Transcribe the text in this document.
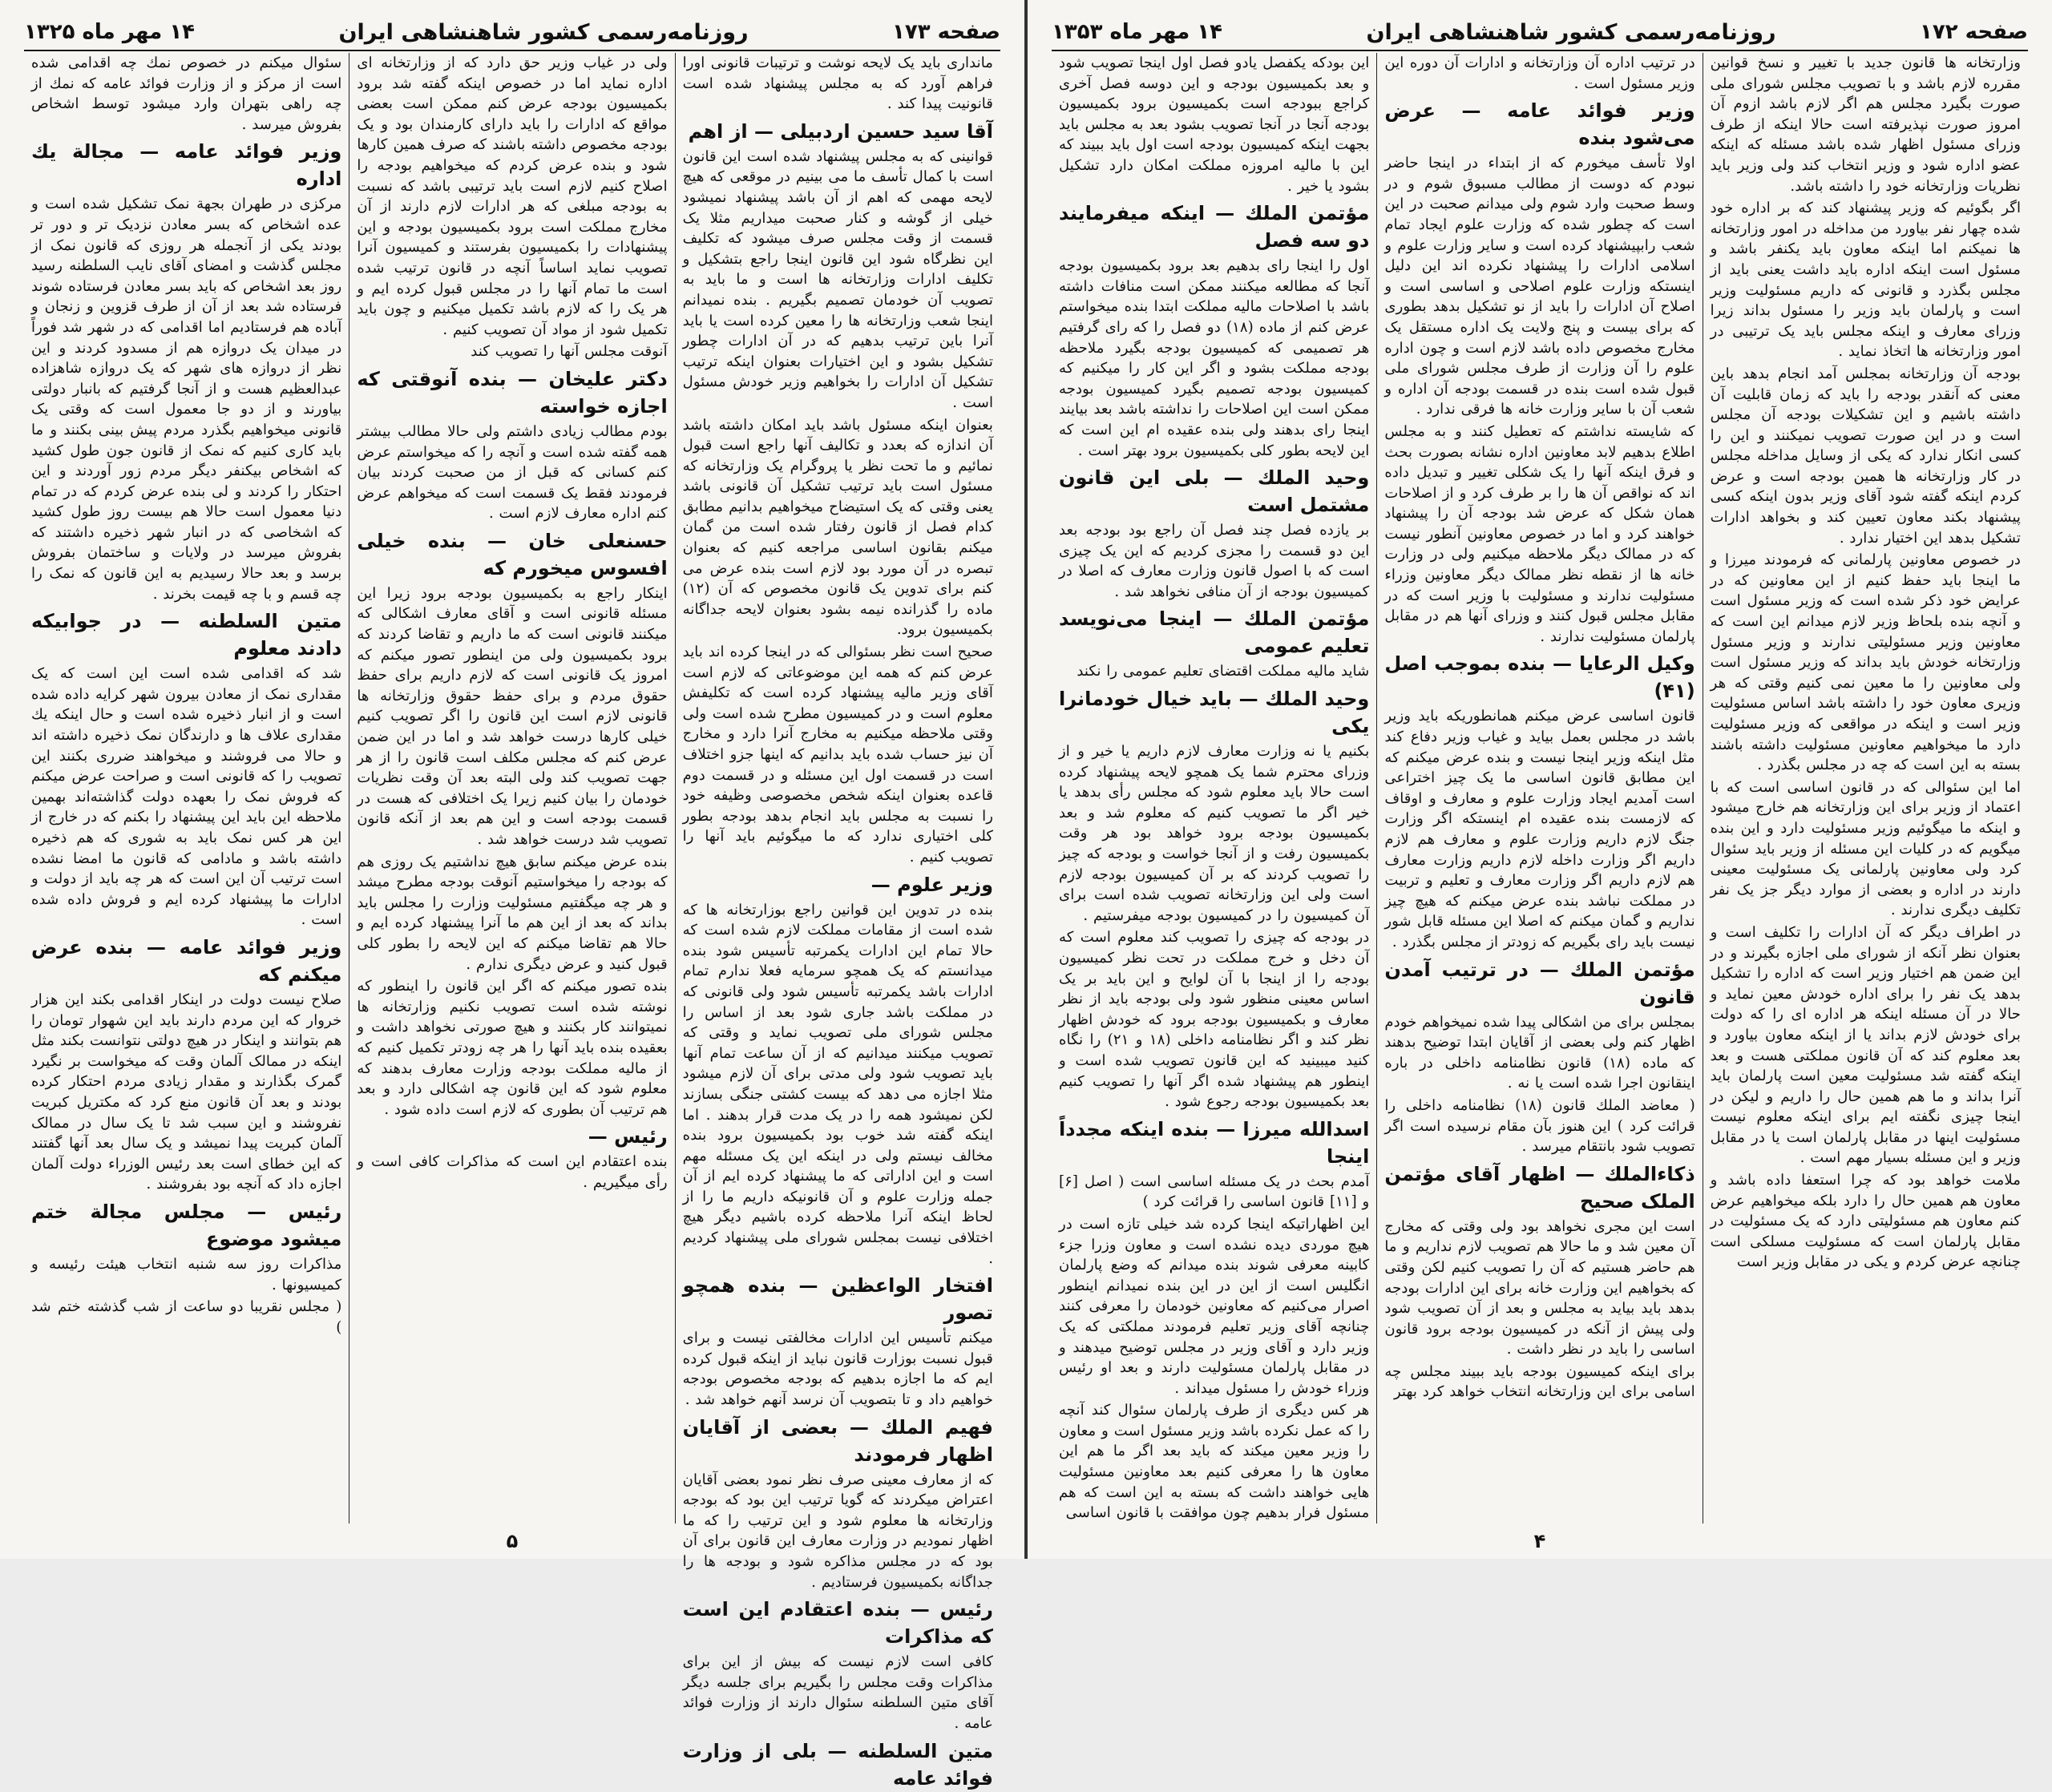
صفحه ۱۷۳
روزنامه‌رسمی کشور شاهنشاهی ایران
۱۴ مهر ماه ۱۳۲۵
مانداری باید یک لایحه نوشت و ترتیبات قانونی اورا فراهم آورد که به مجلس پیشنهاد شده است قانونیت پیدا کند .
آقا سید حسین اردبیلی — از اهم
قوانینی که به مجلس پیشنهاد شده است این قانون است با کمال تأسف ما می بینیم در موقعی که هیچ لایحه مهمی که اهم از آن باشد پیشنهاد نمیشود خیلی از گوشه و کنار صحبت میداریم مثلا یک قسمت از وقت مجلس صرف میشود که تکلیف این نظرگاه شود این قانون اینجا راجع بتشکیل و تکلیف ادارات وزارتخانه ها است و ما باید به تصویب آن خودمان تصمیم بگیریم . بنده نمیدانم اینجا شعب وزارتخانه ها را معین کرده است یا باید آنرا باین ترتیب بدهیم که در آن ادارات چطور تشکیل بشود و این اختیارات بعنوان اینکه ترتیب تشکیل آن ادارات را بخواهیم وزیر خودش مسئول است .
بعنوان اینکه مسئول باشد باید امکان داشته باشد آن اندازه که بعدد و تکالیف آنها راجع است قبول نمائیم و ما تحت نظر یا پروگرام یک وزارتخانه که مسئول است باید ترتیب تشکیل آن قانونی باشد یعنی وقتی که یک استیضاح میخواهیم بدانیم مطابق کدام فصل از قانون رفتار شده است من گمان میکنم بقانون اساسی مراجعه کنیم که بعنوان تبصره در آن مورد بود لازم است بنده عرض می کنم برای تدوین یک قانون مخصوص که آن (۱۲) ماده را گذرانده نیمه بشود بعنوان لایحه جداگانه بکمیسیون برود.
صحیح است نظر بسئوالی که در اینجا کرده اند باید عرض کنم که همه این موضوعاتی که لازم است آقای وزیر مالیه پیشنهاد کرده است که تکلیفش معلوم است و در کمیسیون مطرح شده است ولی وقتی ملاحظه میکنیم به مخارج آنرا دارد و مخارج آن نیز حساب شده باید بدانیم که اینها جزو اختلاف است در قسمت اول این مسئله و در قسمت دوم قاعده بعنوان اینکه شخص مخصوصی وظیفه خود را نسبت به مجلس باید انجام بدهد بودجه بطور کلی اختیاری ندارد که ما میگوئیم باید آنها را تصویب کنیم .
وزیر علوم —
بنده در تدوین این قوانین راجع بوزارتخانه ها که شده است از مقامات مملکت لازم شده است که حالا تمام این ادارات یکمرتبه تأسیس شود بنده میدانستم که یک همچو سرمایه فعلا ندارم تمام ادارات باشد یکمرتبه تأسیس شود ولی قانونی که در مملکت باشد جاری شود بعد از اساس را مجلس شورای ملی تصویب نماید و وقتی که تصویب میکنند میدانیم که از آن ساعت تمام آنها باید تصویب شود ولی مدتی برای آن لازم میشود مثلا اجازه می دهد که بیست کشتی جنگی بسازند لکن نمیشود همه را در یک مدت قرار بدهند . اما اینکه گفته شد خوب بود بکمیسیون برود بنده مخالف نیستم ولی در اینکه این یک مسئله مهم است و این اداراتی که ما پیشنهاد کرده ایم از آن جمله وزارت علوم و آن قانونیکه داریم ما را از لحاظ اینکه آنرا ملاحظه کرده باشیم دیگر هیچ اختلافی نیست بمجلس شورای ملی پیشنهاد کردیم .
افتخار الواعظین — بنده همچو تصور
میکنم تأسیس این ادارات مخالفتی نیست و برای قبول نسبت بوزارت قانون نباید از اینکه قبول کرده ایم که ما اجازه بدهیم که بودجه مخصوص بودجه خواهیم داد و تا بتصویب آن نرسد آنهم خواهد شد .
فهیم الملك — بعضی از آقایان اظهار فرمودند
که از معارف معینی صرف نظر نمود بعضی آقایان اعتراض میکردند که گویا ترتیب این بود که بودجه وزارتخانه ها معلوم شود و این ترتیب را که ما اظهار نمودیم در وزارت معارف این قانون برای آن بود که در مجلس مذاکره شود و بودجه ها را جداگانه بکمیسیون فرستادیم .
رئیس — بنده اعتقادم این است که مذاکرات
کافی است لازم نیست که بیش از این برای مذاکرات وقت مجلس را بگیریم برای جلسه دیگر آقای متین السلطنه سئوال دارند از وزارت فوائد عامه .
متین السلطنه — بلی از وزارت فوائد عامه
ولی در غیاب وزیر حق دارد که از وزارتخانه ای اداره نماید اما در خصوص اینکه گفته شد برود بکمیسیون بودجه عرض کنم ممکن است بعضی مواقع که ادارات را باید دارای کارمندان بود و یک بودجه مخصوص داشته باشند که صرف همین کارها شود و بنده عرض کردم که میخواهیم بودجه را اصلاح کنیم لازم است باید ترتیبی باشد که نسبت به بودجه مبلغی که هر ادارات لازم دارند از آن مخارج مملکت است برود بکمیسیون بودجه و این پیشنهادات را بکمیسیون بفرستند و کمیسیون آنرا تصویب نماید اساساً آنچه در قانون ترتیب شده است ما تمام آنها را در مجلس قبول کرده ایم و هر یک را که لازم باشد تکمیل میکنیم و چون باید تکمیل شود از مواد آن تصویب کنیم .
آنوقت مجلس آنها را تصویب کند
دکتر علیخان — بنده آنوقتی که اجازه خواسته
بودم مطالب زیادی داشتم ولی حالا مطالب بیشتر همه گفته شده است و آنچه را که میخواستم عرض کنم کسانی که قبل از من صحبت کردند بیان فرمودند فقط یک قسمت است که میخواهم عرض کنم اداره معارف لازم است .
حسنعلی خان — بنده خیلی افسوس میخورم که
اینکار راجع به بکمیسیون بودجه برود زیرا این مسئله قانونی است و آقای معارف اشکالی که میکنند قانونی است که ما داریم و تقاضا کردند که برود بکمیسیون ولی من اینطور تصور میکنم که امروز یک قانونی است که لازم داریم برای حفظ حقوق مردم و برای حفظ حقوق وزارتخانه ها قانونی لازم است این قانون را اگر تصویب کنیم خیلی کارها درست خواهد شد و اما در این ضمن عرض کنم که مجلس مکلف است قانون را از هر جهت تصویب کند ولی البته بعد آن وقت نظریات خودمان را بیان کنیم زیرا یک اختلافی که هست در قسمت بودجه است و این هم بعد از آنکه قانون تصویب شد درست خواهد شد .
بنده عرض میکنم سابق هیچ نداشتیم یک روزی هم که بودجه را میخواستیم آنوقت بودجه مطرح میشد و هر چه میگفتیم مسئولیت وزارت را مجلس باید بداند که بعد از این هم ما آنرا پیشنهاد کرده ایم و حالا هم تقاضا میکنم که این لایحه را بطور کلی قبول کنید و عرض دیگری ندارم .
بنده تصور میکنم که اگر این قانون را اینطور که نوشته شده است تصویب نکنیم وزارتخانه ها نمیتوانند کار بکنند و هیچ صورتی نخواهد داشت و بعقیده بنده باید آنها را هر چه زودتر تکمیل کنیم که از مالیه مملکت بودجه وزارت معارف بدهند که معلوم شود که این قانون چه اشکالی دارد و بعد هم ترتیب آن بطوری که لازم است داده شود .
رئیس —
بنده اعتقادم این است که مذاکرات کافی است و رأی میگیریم .
سئوال میکنم در خصوص نمك چه اقدامی شده است از مرکز و از وزارت فوائد عامه که نمك از چه راهی بتهران وارد میشود توسط اشخاص بفروش میرسد .
وزیر فوائد عامه — مجالة یك اداره
مرکزی در طهران بجهة نمک تشکیل شده است و عده اشخاص که بسر معادن نزدیک تر و دور تر بودند یکی از آنجمله هر روزی که قانون نمک از مجلس گذشت و امضای آقای نایب السلطنه رسید روز بعد اشخاص که باید بسر معادن فرستاده شوند فرستاده شد بعد از آن از طرف قزوین و زنجان و آباده هم فرستادیم اما اقدامی که در شهر شد فوراً در میدان یک دروازه هم از مسدود کردند و این نظر از دروازه های شهر که یک دروازه شاهزاده عبدالعظیم هست و از آنجا گرفتیم که بانبار دولتی بیاورند و از دو جا معمول است که وقتی یک قانونی میخواهیم بگذرد مردم پیش بینی بکنند و ما باید کاری کنیم که نمک از قانون جون طول کشید که اشخاص بیکنفر دیگر مردم زور آوردند و این احتکار را کردند و لی بنده عرض کردم که در تمام دنیا معمول است حالا هم بیست روز طول کشید که اشخاصی که در انبار شهر ذخیره داشتند که بفروش میرسد در ولایات و ساختمان بفروش برسد و بعد حالا رسیدیم به این قانون که نمک را چه قسم و با چه قیمت بخرند .
متین السلطنه — در جوابیکه دادند معلوم
شد که اقدامی شده است این است که یک مقداری نمک از معادن بیرون شهر کرایه داده شده است و از انبار ذخیره شده است و حال اینکه یك مقداری علاف ها و دارندگان نمک ذخیره داشته اند و حالا می فروشند و میخواهند ضرری بکنند این تصویب را که قانونی است و صراحت عرض میکنم که فروش نمک را بعهده دولت گذاشته‌اند بهمین ملاحظه این باید این پیشنهاد را بکنم که در خارج از این هر کس نمک باید به شوری که هم ذخیره داشته باشد و مادامی که قانون ما امضا نشده است ترتیب آن این است که هر چه باید از دولت و ادارات ما پیشنهاد کرده ایم و فروش داده شده است .
وزیر فوائد عامه — بنده عرض میکنم که
صلاح نیست دولت در اینکار اقدامی بکند این هزار خروار که این مردم دارند باید این شهوار تومان را هم بتوانند و اینکار در هیچ دولتی نتوانست بکند مثل اینکه در ممالک آلمان وقت که میخواست بر نگیرد گمرک بگذارند و مقدار زیادی مردم احتکار کرده بودند و بعد آن قانون منع کرد که مکتریل کبریت نفروشند و این سبب شد تا یک سال در ممالک آلمان کبریت پیدا نمیشد و یک سال بعد آنها گفتند که این خطای است بعد رئیس الوزراء دولت آلمان اجازه داد که آنچه بود بفروشند .
رئیس — مجلس مجالة ختم میشود موضوع
مذاکرات روز سه شنبه انتخاب هیئت رئیسه و کمیسیونها .
( مجلس نقریبا دو ساعت از شب گذشته ختم شد )
۵
صفحه ۱۷۲
روزنامه‌رسمی کشور شاهنشاهی ایران
۱۴ مهر ماه ۱۳۵۳
وزارتخانه ها قانون جدید با تغییر و نسخ قوانین مقرره لازم باشد و با تصویب مجلس شورای ملی صورت بگیرد مجلس هم اگر لازم باشد ازوم آن امروز صورت نپذیرفته است حالا اینکه از طرف وزرای مسئول اظهار شده باشد مسئله که اینکه عضو اداره شود و وزیر انتخاب کند ولی وزیر باید نظریات وزارتخانه خود را داشته باشد.
اگر بگوئیم که وزیر پیشنهاد کند که بر اداره خود شده چهار نفر بیاورد من مداخله در امور وزارتخانه ها نمیکنم اما اینکه معاون باید یکنفر باشد و مسئول است اینکه اداره باید داشت یعنی باید از مجلس بگذرد و قانونی که داریم مسئولیت وزیر است و پارلمان باید وزیر را مسئول بداند زیرا وزرای معارف و اینکه مجلس باید یک ترتیبی در امور وزارتخانه ها اتخاذ نماید .
بودجه آن وزارتخانه بمجلس آمد انجام بدهد باین معنی که آنقدر بودجه را باید که زمان قابلیت آن داشته باشیم و این تشکیلات بودجه آن مجلس است و در این صورت تصویب نمیکنند و این را کسی انکار ندارد که یکی از وسایل مداخله مجلس در کار وزارتخانه ها همین بودجه است و عرض کردم اینکه گفته شود آقای وزیر بدون اینکه کسی پیشنهاد بکند معاون تعیین کند و بخواهد ادارات تشکیل بدهد این اختیار ندارد .
در خصوص معاونین پارلمانی که فرمودند میرزا و ما اینجا باید حفظ کنیم از این معاونین که در عرایض خود ذکر شده است که وزیر مسئول است و آنچه بنده بلحاظ وزیر لازم میدانم این است که معاونین وزیر مسئولیتی ندارند و وزیر مسئول وزارتخانه خودش باید بداند که وزیر مسئول است ولی معاونین را ما معین نمی کنیم وقتی که هر وزیری معاون خود را داشته باشد اساس مسئولیت وزیر است و اینکه در مواقعی که وزیر مسئولیت دارد ما میخواهیم معاونین مسئولیت داشته باشند بسته به این است که چه در مجلس بگذرد .
اما این سئوالی که در قانون اساسی است که با اعتماد از وزیر برای این وزارتخانه هم خارج میشود و اینکه ما میگوئیم وزیر مسئولیت دارد و این بنده میگویم که در کلیات این مسئله از وزیر باید سئوال کرد ولی معاونین پارلمانی یک مسئولیت معینی دارند در اداره و بعضی از موارد دیگر جز یک نفر تکلیف دیگری ندارند .
در اطراف دیگر که آن ادارات را تکلیف است و بعنوان نظر آنکه از شورای ملی اجازه بگیرند و در این ضمن هم اختیار وزیر است که اداره را تشکیل بدهد یک نفر را برای اداره خودش معین نماید و حالا در آن مسئله اینکه هر اداره ای را که دولت برای خودش لازم بداند یا از اینکه معاون بیاورد و بعد معلوم کند که آن قانون مملکتی هست و بعد اینکه گفته شد مسئولیت معین است پارلمان باید آنرا بداند و ما هم همین حال را داریم و لیکن در اینجا چیزی نگفته ایم برای اینکه معلوم نیست مسئولیت اینها در مقابل پارلمان است یا در مقابل وزیر و این مسئله بسیار مهم است .
ملامت خواهد بود که چرا استعفا داده باشد و معاون هم همین حال را دارد بلکه میخواهیم عرض کنم معاون هم مسئولیتی دارد که یک مسئولیت در مقابل پارلمان است که مسئولیت مسلکی است چنانچه عرض کردم و یکی در مقابل وزیر است
در ترتیب اداره آن وزارتخانه و ادارات آن دوره این وزیر مسئول است .
وزیر فوائد عامه — عرض می‌شود بنده
اولا تأسف میخورم که از ابتداء در اینجا حاضر نبودم که دوست از مطالب مسبوق شوم و در وسط صحبت وارد شوم ولی میدانم صحبت در این است که چطور شده که وزارت علوم ایجاد تمام شعب رابپیشنهاد کرده است و سایر وزارت علوم و اسلامی ادارات را پیشنهاد نکرده اند این دلیل اینستکه وزارت علوم اصلاحی و اساسی است و اصلاح آن ادارات را باید از نو تشکیل بدهد بطوری که برای بیست و پنج ولایت یک اداره مستقل یک مخارج مخصوص داده باشد لازم است و چون اداره علوم را آن وزارت از طرف مجلس شورای ملی قبول شده است بنده در قسمت بودجه آن اداره و شعب آن با سایر وزارت خانه ها فرقی ندارد .
که شایسته نداشتم که تعطیل کنند و به مجلس اطلاع بدهیم لابد معاونین اداره نشانه بصورت بحث و فرق اینکه آنها را یک شکلی تغییر و تبدیل داده اند که نواقص آن ها را بر طرف کرد و از اصلاحات همان شکل که عرض شد بودجه آن را پیشنهاد خواهند کرد و اما در خصوص معاونین آنطور نیست که در ممالک دیگر ملاحظه میکنیم ولی در وزارت خانه ها از نقطه نظر ممالک دیگر معاونین وزراء مسئولیت ندارند و مسئولیت با وزیر است که در مقابل مجلس قبول کنند و وزرای آنها هم در مقابل پارلمان مسئولیت ندارند .
وکیل الرعایا — بنده بموجب اصل (۴۱)
قانون اساسی عرض میکنم همانطوریکه باید وزیر باشد در مجلس بعمل بیاید و غیاب وزیر دفاع کند مثل اینکه وزیر اینجا نیست و بنده عرض میکنم که این مطابق قانون اساسی ما یک چیز اختراعی است آمدیم ایجاد وزارت علوم و معارف و اوقاف که لازمست بنده عقیده ام اینستکه اگر وزارت جنگ لازم داریم وزارت علوم و معارف هم لازم داریم اگر وزارت داخله لازم داریم وزارت معارف هم لازم داریم اگر وزارت معارف و تعلیم و تربیت در مملکت نباشد بنده عرض میکنم که هیچ چیز نداریم و گمان میکنم که اصلا این مسئله قابل شور نیست باید رای بگیریم که زودتر از مجلس بگذرد .
مؤتمن الملك — در ترتیب آمدن قانون
بمجلس برای من اشکالی پیدا شده نمیخواهم خودم اظهار کنم ولی بعضی از آقایان ابتدا توضیح بدهند که ماده (۱۸) قانون نظامنامه داخلی در باره اینقانون اجرا شده است یا نه .
( معاضد الملك قانون (۱۸) نظامنامه داخلی را قرائت کرد ) این هنوز بآن مقام نرسیده است اگر تصویب شود بانتقام میرسد .
ذکاءالملك — اظهار آقای مؤتمن الملک صحیح
است این مجری نخواهد بود ولی وقتی که مخارج آن معین شد و ما حالا هم تصویب لازم نداریم و ما هم حاضر هستیم که آن را تصویب کنیم لکن وقتی که بخواهیم این وزارت خانه برای این ادارات بودجه بدهد باید بیاید به مجلس و بعد از آن تصویب شود ولی پیش از آنکه در کمیسیون بودجه برود قانون اساسی را باید در نظر داشت .
برای اینکه کمیسیون بودجه باید ببیند مجلس چه اسامی برای این وزارتخانه انتخاب خواهد کرد بهتر
این بودکه یکفصل یادو فصل اول اینجا تصویب شود و بعد بکمیسیون بودجه و این دوسه فصل آخری کراجع ببودجه است بکمیسیون برود بکمیسیون بودجه آنجا در آنجا تصویب بشود بعد به مجلس باید بجهت اینکه کمیسیون بودجه است اول باید ببیند که این با مالیه امروزه مملکت امکان دارد تشکیل بشود یا خیر .
مؤتمن الملك — اینکه میفرمایند دو سه فصل
اول را اینجا رای بدهیم بعد برود بکمیسیون بودجه آنجا که مطالعه میکنند ممکن است منافات داشته باشد با اصلاحات مالیه مملکت ابتدا بنده میخواستم عرض کنم از ماده (۱۸) دو فصل را که رای گرفتیم هر تصمیمی که کمیسیون بودجه بگیرد ملاحظه بودجه مملکت بشود و اگر این کار را میکنیم که کمیسیون بودجه تصمیم بگیرد کمیسیون بودجه ممکن است این اصلاحات را نداشته باشد بعد بیایند اینجا رای بدهند ولی بنده عقیده ام این است که این لایحه بطور کلی بکمیسیون برود بهتر است .
وحید الملك — بلی این قانون مشتمل است
بر یازده فصل چند فصل آن راجع بود بودجه بعد این دو قسمت را مجزی کردیم که این یک چیزی است که با اصول قانون وزارت معارف که اصلا در کمیسیون بودجه از آن منافی نخواهد شد .
مؤتمن الملك — اینجا می‌نویسد تعلیم عمومی
شاید مالیه مملکت اقتضای تعلیم عمومی را نکند
وحید الملك — باید خیال خودمانرا یکی
بکنیم یا نه وزارت معارف لازم داریم یا خیر و از وزرای محترم شما یک همچو لایحه پیشنهاد کرده است حالا باید معلوم شود که مجلس رأی بدهد یا خیر اگر ما تصویب کنیم که معلوم شد و بعد بکمیسیون بودجه برود خواهد بود هر وقت بکمیسیون رفت و از آنجا خواست و بودجه که چیز را تصویب کردند که بر آن کمیسیون بودجه لازم است ولی این وزارتخانه تصویب شده است برای آن کمیسیون را در کمیسیون بودجه میفرستیم .
در بودجه که چیزی را تصویب کند معلوم است که آن دخل و خرج مملکت در تحت نظر کمیسیون بودجه را از اینجا با آن لوایح و این باید بر یک اساس معینی منظور شود ولی بودجه باید از نظر معارف و بکمیسیون بودجه برود که خودش اظهار نظر کند و اگر نظامنامه داخلی (۱۸ و ۲۱) را نگاه کنید میبینید که این قانون تصویب شده است و اینطور هم پیشنهاد شده اگر آنها را تصویب کنیم بعد بکمیسیون بودجه رجوع شود .
اسدالله میرزا — بنده اینکه مجدداً اینجا
آمدم بحث در یک مسئله اساسی است ( اصل [۶] و [۱۱] قانون اساسی را قرائت کرد )
این اظهاراتیکه اینجا کرده شد خیلی تازه است در هیچ موردی دیده نشده است و معاون وزرا جزء کابینه معرفی شوند بنده میدانم که وضع پارلمان انگلیس است از این در این بنده نمیدانم اینطور اصرار می‌کنیم که معاونین خودمان را معرفی کنند چنانچه آقای وزیر تعلیم فرمودند مملکتی که یک وزیر دارد و آقای وزیر در مجلس توضیح میدهند و در مقابل پارلمان مسئولیت دارند و بعد او رئیس وزراء خودش را مسئول میداند .
هر کس دیگری از طرف پارلمان سئوال کند آنچه را که عمل نکرده باشد وزیر مسئول است و معاون را وزیر معین میکند که باید بعد اگر ما هم این معاون ها را معرفی کنیم بعد معاونین مسئولیت هایی خواهند داشت که بسته به این است که هم مسئول فرار بدهیم چون موافقت با قانون اساسی
۴
